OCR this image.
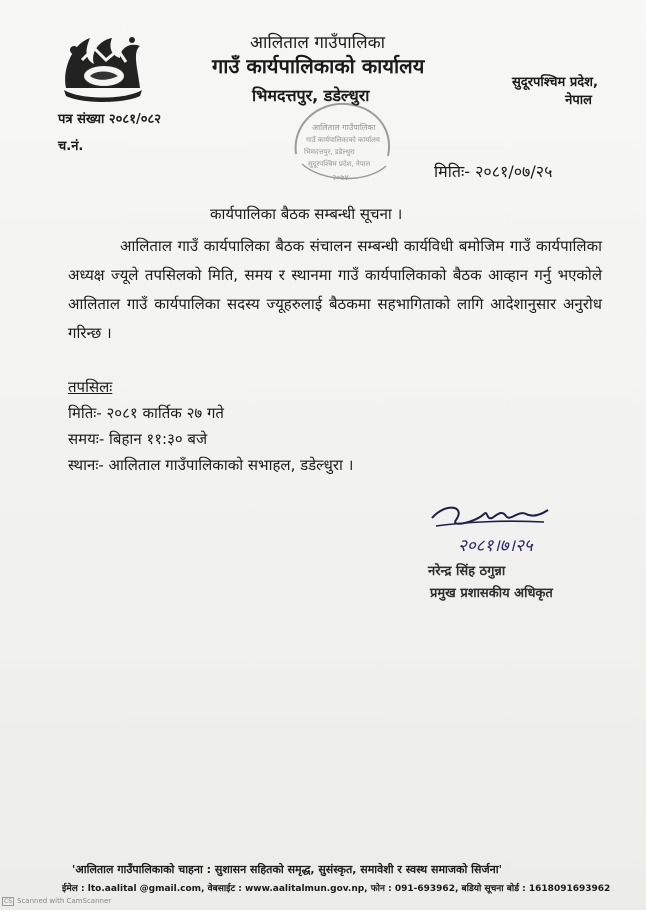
आलिताल गाउँपालिका
गाउँ कार्यपालिकाको कार्यालय
भिमदत्तपुर, डडेल्धुरा
सुदूरपश्चिम प्रदेश,
नेपाल
पत्र संख्या २०८१/०८२
च.नं.
आलिताल गाउँपालिका
गाउँ कार्यपालिकाको कार्यालय
भिमदत्तपुर, डडेल्धुरा
सुदूरपश्चिम प्रदेश, नेपाल
२०७४	मितिः- २०८१/०७/२५
कार्यपालिका बैठक सम्बन्धी सूचना ।
आलिताल गाउँ कार्यपालिका बैठक संचालन सम्बन्धी कार्यविधी बमोजिम गाउँ कार्यपालिका अध्यक्ष ज्यूले तपसिलको मिति, समय र स्थानमा गाउँ कार्यपालिकाको बैठक आव्हान गर्नु भएकोले आलिताल गाउँ कार्यपालिका सदस्य ज्यूहरुलाई बैठकमा सहभागिताको लागि आदेशानुसार अनुरोध गरिन्छ ।
तपसिलः
मितिः- २०८१ कार्तिक २७ गते
समयः- बिहान ११:३० बजे
स्थानः- आलिताल गाउँपालिकाको सभाहल, डडेल्धुरा ।
२०८१।७।२५
नरेन्द्र सिंह ठगुन्ना
प्रमुख प्रशासकीय अधिकृत
'आलिताल गाउँपालिकाको चाहना : सुशासन सहितको समृद्ध, सुसंस्कृत, समावेशी र स्वस्थ समाजको सिर्जना'
ईमेल : lto.aalital @gmail.com, वेबसाईट : www.aalitalmun.gov.np, फोन : 091-693962, बडियो सूचना बोर्ड : 1618091693962
CS Scanned with CamScanner
